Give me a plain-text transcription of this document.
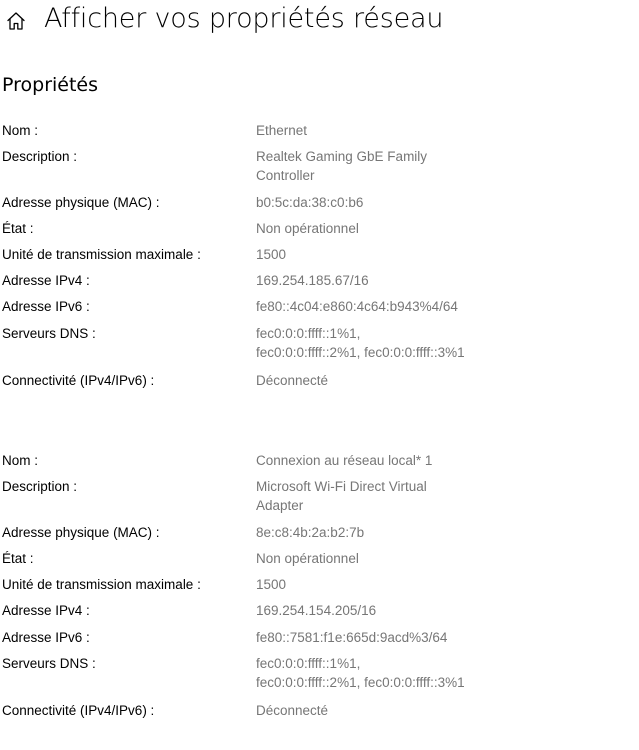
Afficher vos propriétés réseau
Propriétés
Nom :	Ethernet
Description :	Realtek Gaming GbE Family
Controller
Adresse physique (MAC) :	b0:5c:da:38:c0:b6
État :	Non opérationnel
Unité de transmission maximale :	1500
Adresse IPv4 :	169.254.185.67/16
Adresse IPv6 :	fe80::4c04:e860:4c64:b943%4/64
Serveurs DNS :	fec0:0:0:ffff::1%1,
fec0:0:0:ffff::2%1, fec0:0:0:ffff::3%1
Connectivité (IPv4/IPv6) :	Déconnecté
Nom :	Connexion au réseau local* 1
Description :	Microsoft Wi-Fi Direct Virtual
Adapter
Adresse physique (MAC) :	8e:c8:4b:2a:b2:7b
État :	Non opérationnel
Unité de transmission maximale :	1500
Adresse IPv4 :	169.254.154.205/16
Adresse IPv6 :	fe80::7581:f1e:665d:9acd%3/64
Serveurs DNS :	fec0:0:0:ffff::1%1,
fec0:0:0:ffff::2%1, fec0:0:0:ffff::3%1
Connectivité (IPv4/IPv6) :	Déconnecté
